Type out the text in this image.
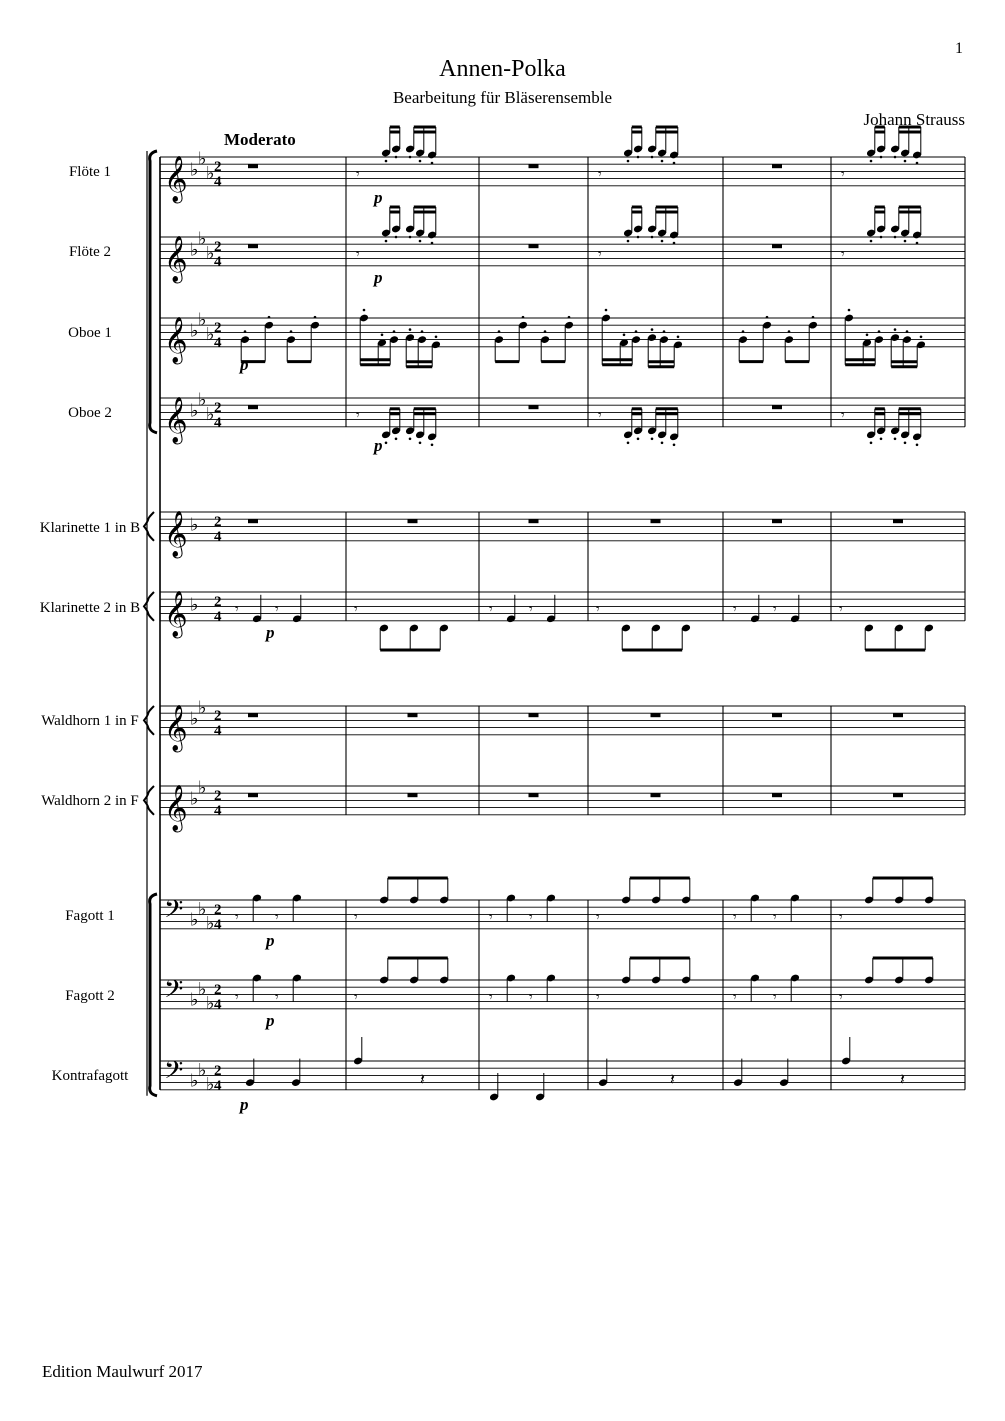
1
Annen-Polka
Bearbeitung für Bläserensemble
Johann Strauss
Moderato
Flöte 1
Flöte 2
Oboe 1
Oboe 2
Klarinette 1 in B
Klarinette 2 in B
Waldhorn 1 in F
Waldhorn 2 in F
Fagott 1
Fagott 2
Kontrafagott
𝄞 ♭
♭
♭ 2
4
𝄞 ♭
♭
♭ 2
4
𝄞 ♭
♭
♭ 2
4
𝄞 ♭
♭
♭ 2
4
𝄞 ♭ 2
4
𝄞 ♭ 2
4
𝄞 ♭
♭ 2
4
𝄞 ♭
♭ 2
4
𝄢 ♭
♭
♭
2
4
𝄢 ♭
♭
♭
2
4
𝄢 ♭
♭
♭
2
4
𝄾	𝄾	𝄾
𝄾	𝄾	𝄾
𝄾	𝄾	𝄾
p
p
p
p
𝄾	𝄾	𝄾	𝄾	𝄾	𝄾
𝄾	𝄾	𝄾
p
𝄾	𝄾	𝄾	𝄾	𝄾	𝄾
𝄾	𝄾	𝄾
𝄾	𝄾	𝄾	𝄾	𝄾	𝄾
𝄾	𝄾	𝄾
p
p
𝄽	𝄽	𝄽
p
Edition Maulwurf 2017
